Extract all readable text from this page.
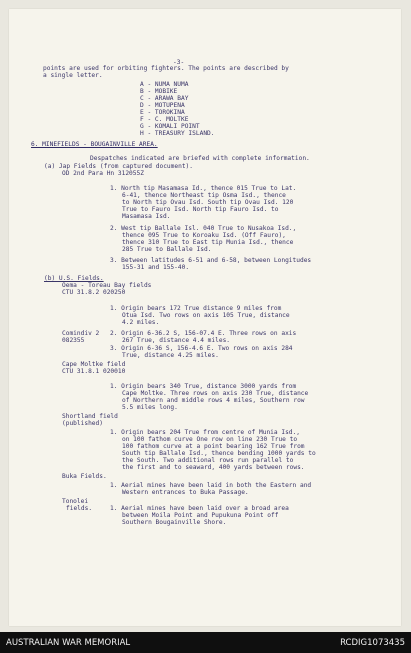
-3-
points are used for orbiting fighters. The points are described by
a single letter.
A - NUMA NUMA
B - MOBIKE
C - ARAWA BAY
D - MOTUPENA
E - TOROKINA
F - C. MOLTKE
G - KOMALI POINT
H - TREASURY ISLAND.
6. MINEFIELDS - BOUGAINVILLE AREA.
Despatches indicated are briefed with complete information.
(a) Jap Fields (from captured document).
OD 2nd Para Hn 312055Z
1. North tip Masamasa Id., thence 015 True to Lat.
6-41, thence Northeast tip Osma Isd., thence
to North tip Ovau Isd. South tip Ovau Isd. 120
True to Fauro Isd. North tip Fauro Isd. to
Masamasa Isd.
2. West tip Ballale Isl. 040 True to Nusakoa Isd.,
thence 095 True to Koroaku Isd. (Off Fauro),
thence 310 True to East tip Munia Isd., thence
285 True to Ballale Isd.
3. Between latitudes 6-51 and 6-58, between Longitudes
155-31 and 155-40.
(b) U.S. Fields.
Oema - Toreau Bay fields
CTU 31.8.2 020250
1. Origin bears 172 True distance 9 miles from
Otua Isd. Two rows on axis 105 True, distance
4.2 miles.
Comindiv 2
082355
2. Origin 6-36.2 S, 156-07.4 E. Three rows on axis
267 True, distance 4.4 miles.
3. Origin 6-36 S, 156-4.6 E. Two rows on axis 284
True, distance 4.25 miles.
Cape Moltke field
CTU 31.8.1 020010
1. Origin bears 340 True, distance 3000 yards from
Cape Moltke. Three rows on axis 230 True, distance
of Northern and middle rows 4 miles, Southern row
5.5 miles long.
Shortland field
(published)
1. Origin bears 204 True from centre of Munia Isd.,
on 100 fathom curve One row on line 230 True to
100 fathom curve at a point bearing 162 True from
South tip Ballale Isd., thence bending 1000 yards to
the South. Two additional rows run parallel to
the first and to seaward, 400 yards between rows.
Buka Fields.
1. Aerial mines have been laid in both the Eastern and
Western entrances to Buka Passage.
Tonolei
fields.	1. Aerial mines have been laid over a broad area
between Moila Point and Pupukuna Point off
Southern Bougainville Shore.
AUSTRALIAN WAR MEMORIAL	RCDIG1073435
